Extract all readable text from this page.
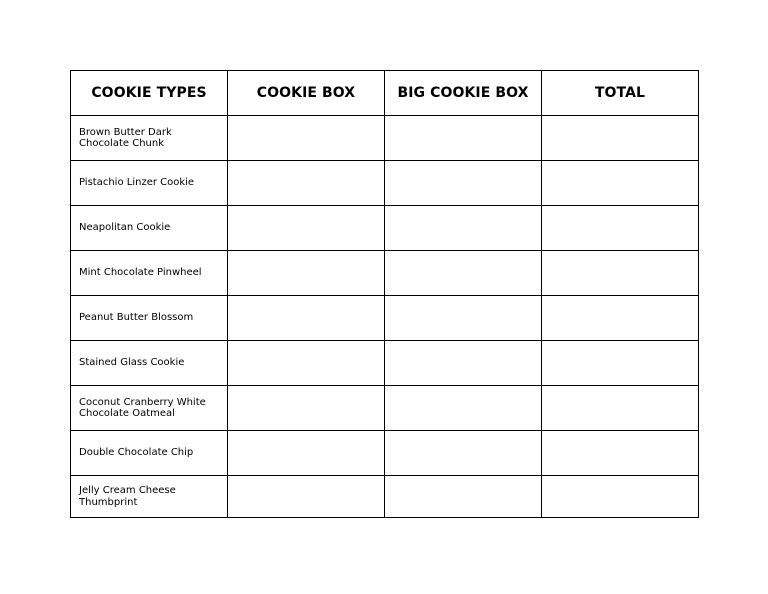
COOKIE TYPES	COOKIE BOX	BIG COOKIE BOX	TOTAL
Brown Butter Dark Chocolate Chunk			
Pistachio Linzer Cookie			
Neapolitan Cookie			
Mint Chocolate Pinwheel			
Peanut Butter Blossom			
Stained Glass Cookie			
Coconut Cranberry White Chocolate Oatmeal			
Double Chocolate Chip			
Jelly Cream Cheese Thumbprint			
